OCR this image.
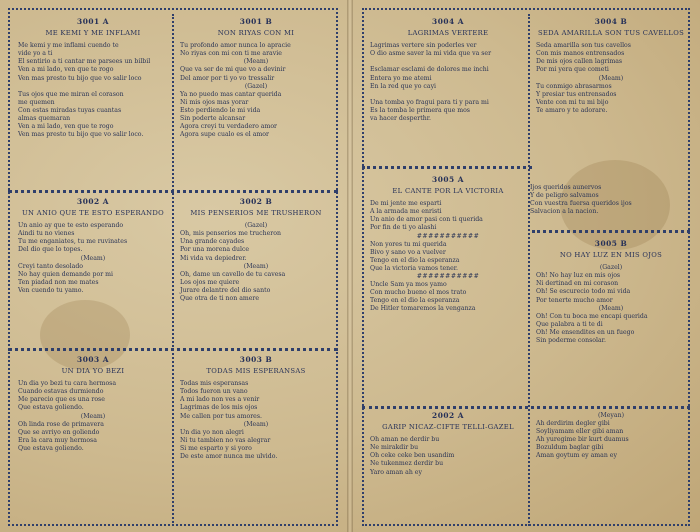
3001 A
ME KEMI Y ME INFLAMI
Me kemi y me inflami cuendo te
vide yo a ti
El sentirio a ti cantar me parsees un bilbil
Ven a mi lado, ven que te rogo
Ven mas presto tu bijo que vo salir loco

Tus ojos que me miran el corason
me quemen
Con estas miradas tuyas cuantas
almas quemaran
Ven a mi lado, ven que te rogo
Ven mas presto tu bijo que vo salir loco.
3001 B
NON RIYAS CON MI
Tu profondo amor nunca lo apracie
No riyas con mi con ti me aravie
(Meam)
Que va ser de mi que vo a devinir
Del amor por ti yo vo tressalir
(Gazel)
Ya no puedo mas cantar querida
Ni mis ojos mas yorar
Esto perdiendo le mi vida
Sin poderte alcansar
Agora creyi tu verdadero amor
Agora supe cualo es el amor
3002 A
UN ANIO QUE TE ESTO ESPERANDO
Un anio ay que te esto esperando
Aindi tu no vienes
Tu me enganiates, tu me ruvinates
Del dio que lo topes.
(Meam)
Creyi tanto desolado
No hay quien demande por mi
Ten piadad non me mates
Ven cuendo tu yamo.
3002 B
MIS PENSERIOS ME TRUSHERON
(Gazel)
Oh, mis penserios me trucheron
Una grande cayades
Por una morena dulce
Mi vida va depiedrer.
(Meam)
Oh, dame un cavello de tu cavesa
Los ojos me quiere
Jurare delantre del dio santo
Que otra de ti non amere
3003 A
UN DIA YO BEZI
Un dia yo bezi tu cara hermosa
Cuando estavas durmiendo
Me parecio que es una rose
Que estava goliendo.
(Meam)
Oh linda rose de primavera
Que se avriyo en goliendo
Era la cara muy hermosa
Que estava goliendo.
3003 B
TODAS MIS ESPERANSAS
Todas mis esperansas
Todos fueron un vano
A mi lado non ves a venir
Lagrimas de los mis ojos
Me callen por tus amores.
(Meam)
Un dia yo non alegri
Ni tu tambien no vas alegrar
Si me esparto y si yoro
De este amor nunca me ulvido.
3004 A
LAGRIMAS VERTERE
Lagrimas vertere sin poderles ver
O dio asme saver la mi vida que va ser

Esclamar esclami de dolores me inchi
Entera yo me atemi
En la red que yo cayi

Una tomba yo fragui para ti y para mi
Es la tomba le primera que mos
va hacer desperthr.
3004 B
SEDA AMARILLA SON TUS CAVELLOS
Seda amarilla son tus cavellos
Con mis manos entrensados
De mis ojos callen lagrimas
Por mi yera que cometi
(Meam)
Tu conmigo abrasarmos
Y presiar tus entrensados
Vente con mi tu mi bijo
Te amaro y te adorare.
3005 A
EL CANTE POR LA VICTORIA
De mi jente me esparti
A la armada me enristi
Un anio de amor pasi con ti querida
Por fin de ti yo alashi
###########
Non yores tu mi querida
Bivo y sano vo a vuelver
Tengo en el dio la esperanza
Que la victoria vamos tener.
###########
Uncle Sam ya mos yamo
Con mucho bueno el mos trato
Tengo en el dio la esperanza
De Hitler tomaremos la venganza
Ijos queridos aunervos
Y de peligro salvamos
Con vuestra fuersa queridos ijos
Salvacion a la nacion.
3005 B
NO HAY LUZ EN MIS OJOS
(Gazel)
Oh! No hay luz en mis ojos
Ni dertinad en mi corason
Oh! Se escurecio todo mi vida
Por tenerte mucho amor
(Meam)
Oh! Con tu boca me encapi querida
Que palabra a ti te di
Oh! Me ensendites en un fuego
Sin poderme consolar.
2002 A
GARIP NICAZ-CIFTE TELLI-GAZEL
Oh aman ne derdir bu
Ne mirakdir bu
Oh ceke ceke ben usandim
Ne tukenmez derdir bu
Yaro aman ah ey
(Meyan)
Ah derdirim degler gibi
Soyliyamam eller gibi aman
Ah yuregime bir kurt duamus
Bozuldum baglar gibi
Aman goytum ey aman ey
